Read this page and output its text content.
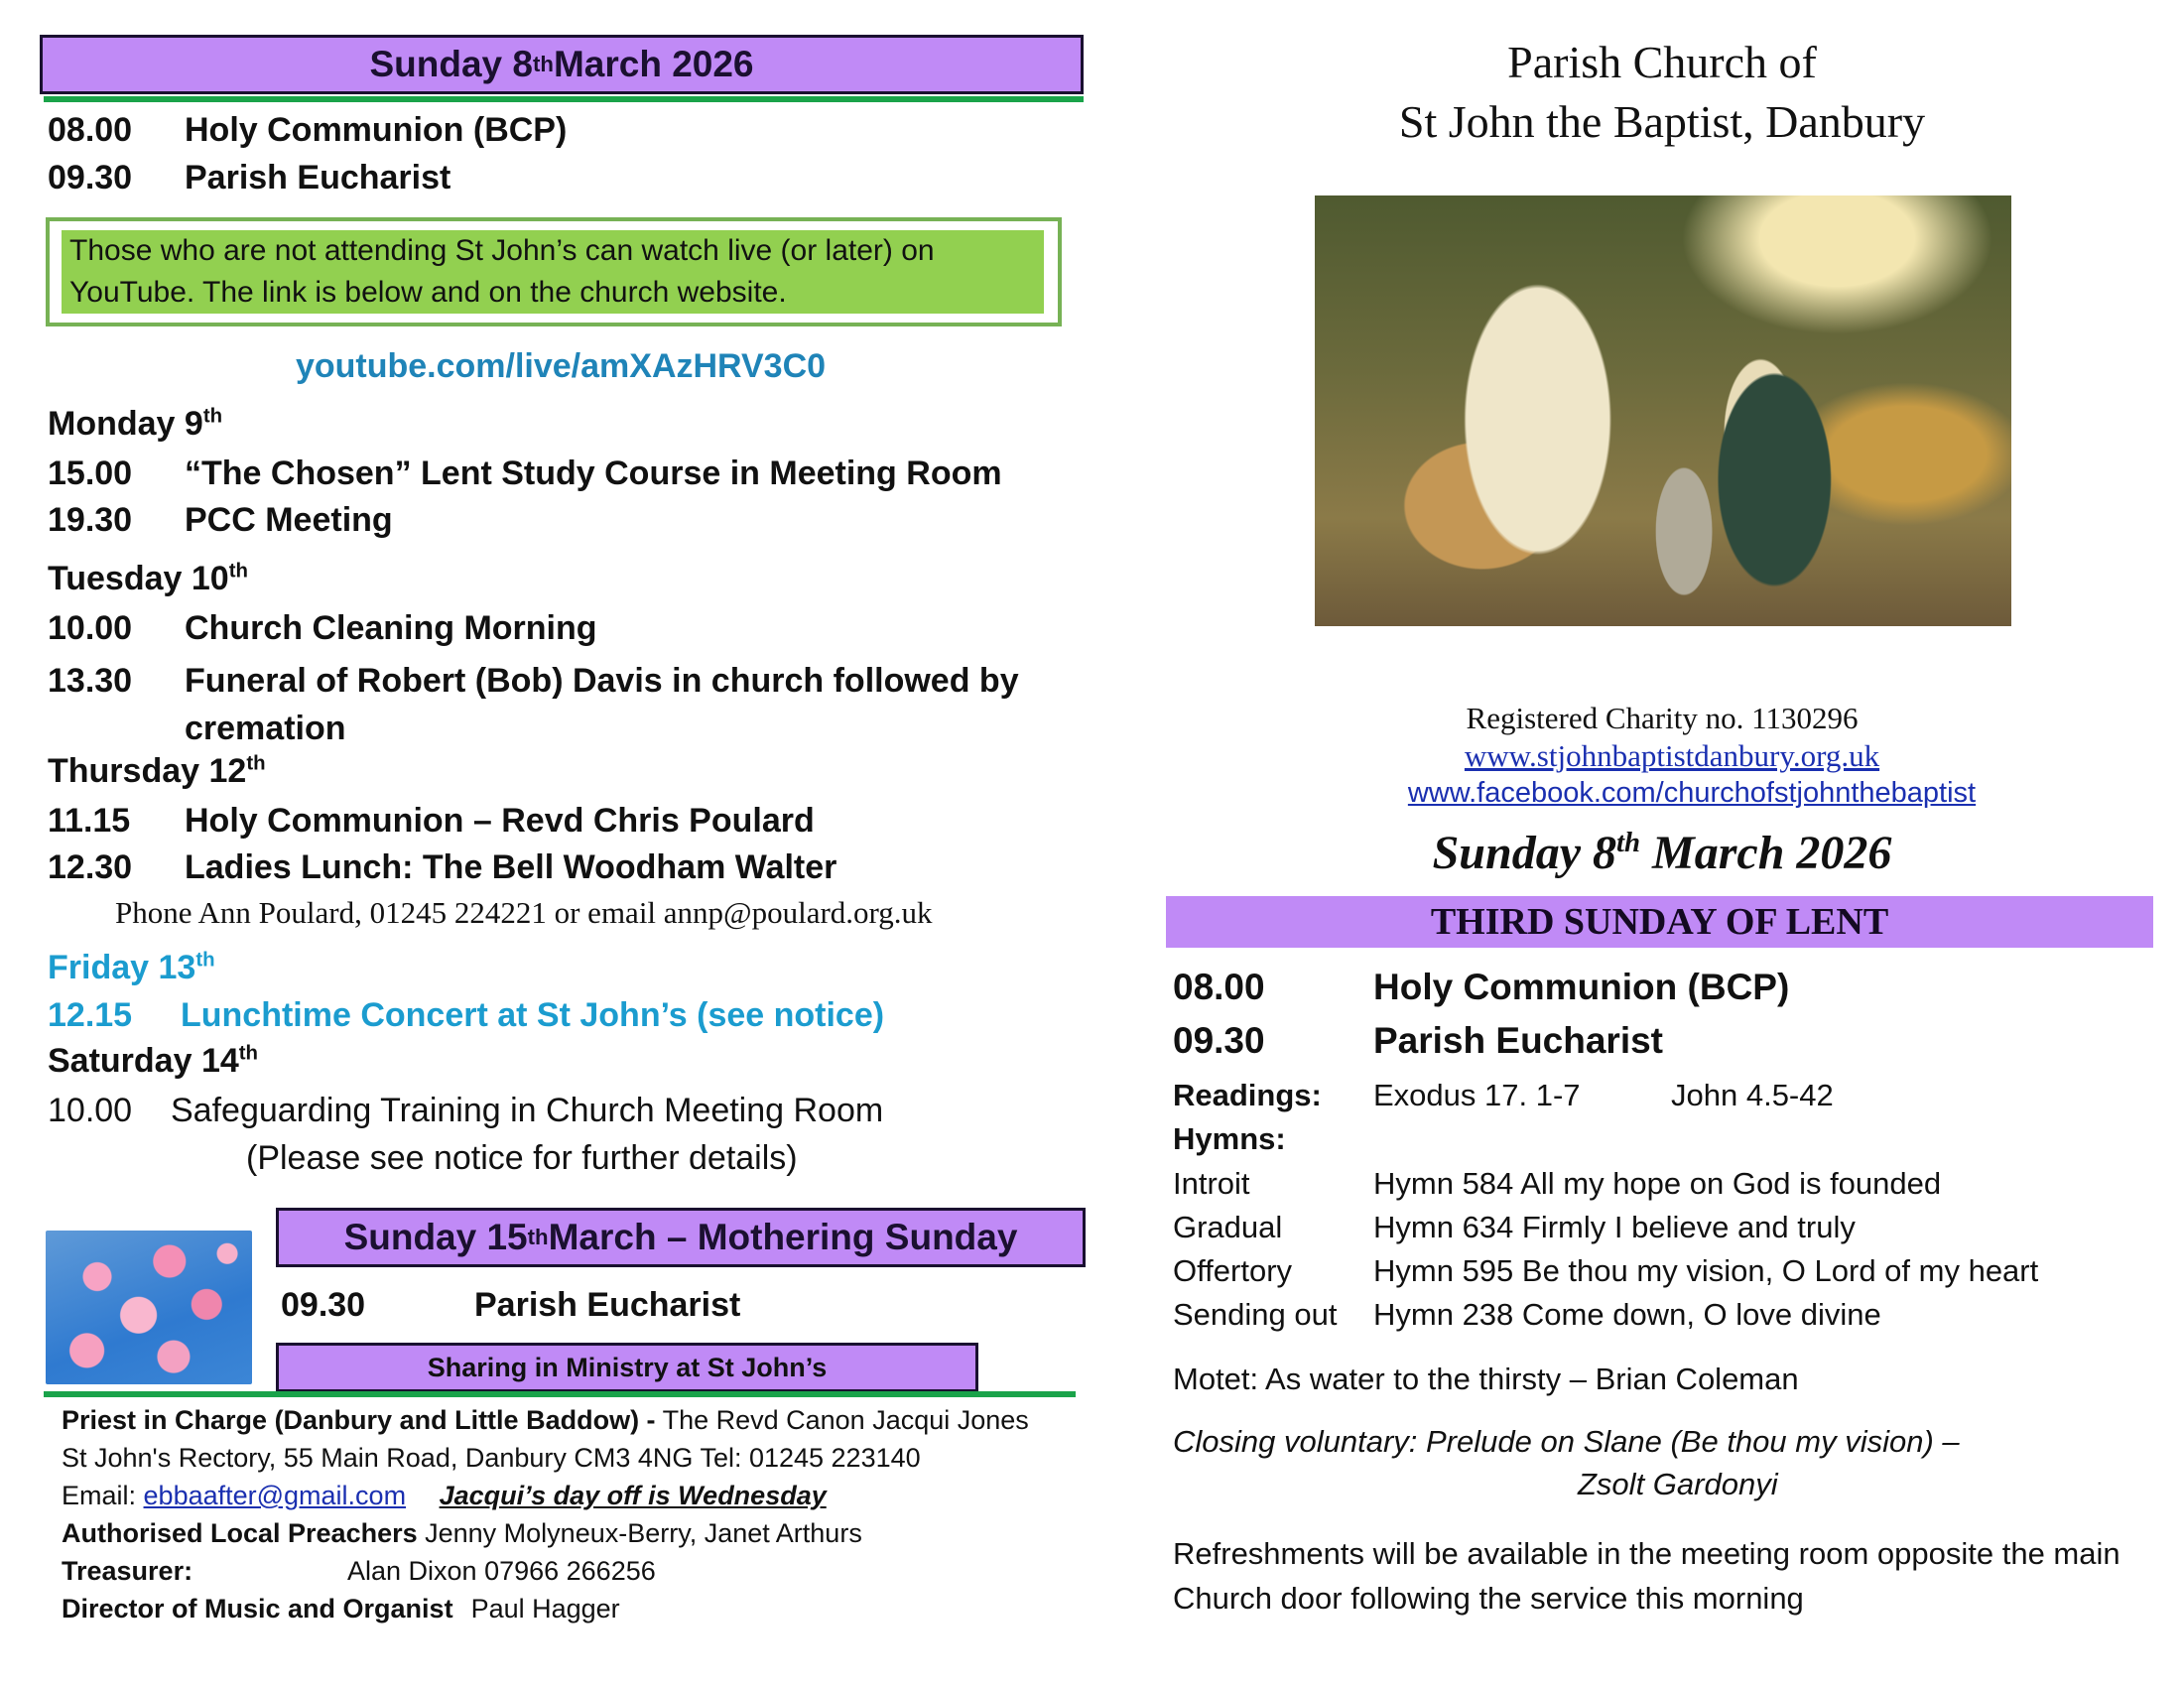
Sunday 8 th March 2026
08.00	Holy Communion (BCP)
09.30	Parish Eucharist
Those who are not attending St John’s can watch live (or later) on YouTube. The link is below and on the church website.
youtube.com/live/amXAzHRV3C0
Monday 9th
15.00	“The Chosen” Lent Study Course in Meeting Room
19.30	PCC Meeting
Tuesday 10th
10.00	Church Cleaning Morning
13.30	Funeral of Robert (Bob) Davis in church followed by cremation
Thursday 12th
11.15	Holy Communion – Revd Chris Poulard
12.30	Ladies Lunch: The Bell Woodham Walter
Phone Ann Poulard, 01245 224221 or email annp@poulard.org.uk
Friday 13th
12.15	Lunchtime Concert at St John’s (see notice)
Saturday 14th
10.00	Safeguarding Training in Church Meeting Room
(Please see notice for further details)
Sunday 15 th March – Mothering Sunday
09.30	Parish Eucharist
Sharing in Ministry at St John’s
Priest in Charge (Danbury and Little Baddow) - The Revd Canon Jacqui Jones
St John's Rectory, 55 Main Road, Danbury CM3 4NG Tel: 01245 223140
Email: ebbaafter@gmail.com Jacqui’s day off is Wednesday
Authorised Local Preachers Jenny Molyneux-Berry, Janet Arthurs
Treasurer:	Alan Dixon 07966 266256
Director of Music and Organist Paul Hagger
Parish Church of
St John the Baptist, Danbury
Registered Charity no. 1130296
www.stjohnbaptistdanbury.org.uk
www.facebook.com/churchofstjohnthebaptist
Sunday 8th March 2026
THIRD SUNDAY OF LENT
08.00	Holy Communion (BCP)
09.30	Parish Eucharist
Readings:	Exodus 17. 1-7	John 4.5-42
Hymns:
Introit	Hymn 584 All my hope on God is founded
Gradual	Hymn 634 Firmly I believe and truly
Offertory	Hymn 595 Be thou my vision, O Lord of my heart
Sending out	Hymn 238 Come down, O love divine
Motet: As water to the thirsty – Brian Coleman
Closing voluntary: Prelude on Slane (Be thou my vision) –
Zsolt Gardonyi
Refreshments will be available in the meeting room opposite the main Church door following the service this morning
